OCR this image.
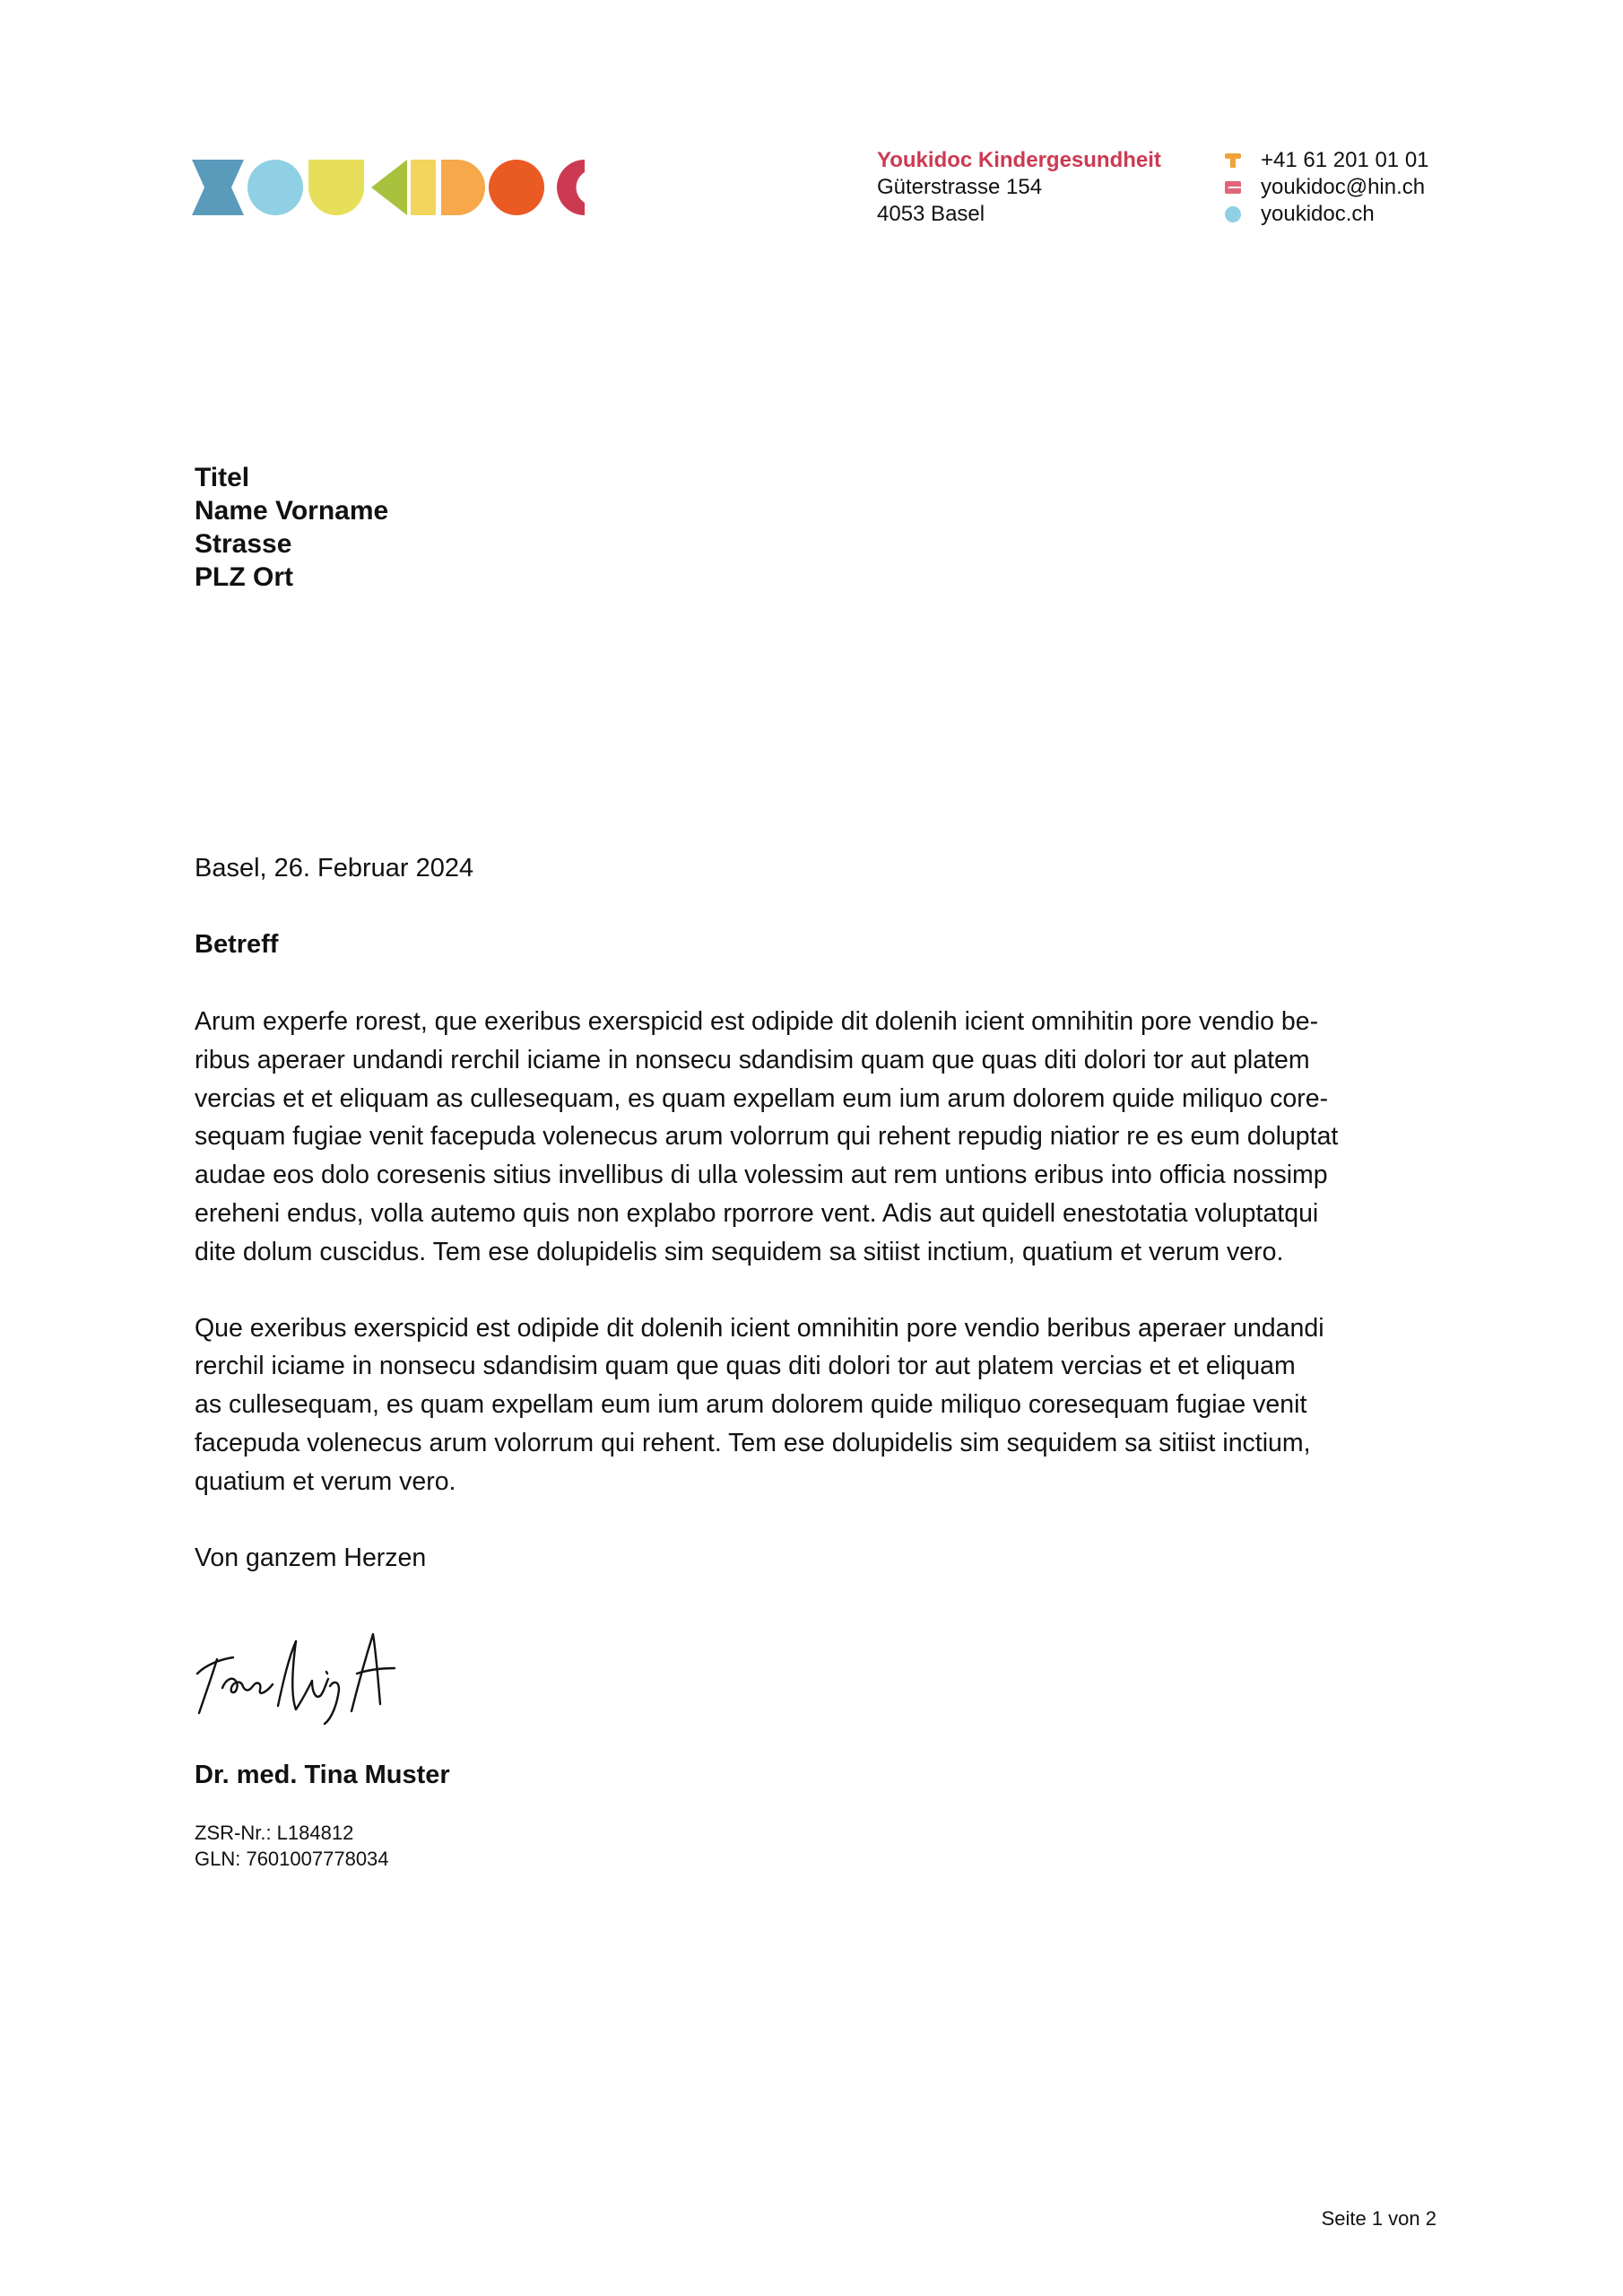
Youkidoc Kindergesundheit
Güterstrasse 154
4053 Basel
+41 61 201 01 01
youkidoc@hin.ch
youkidoc.ch
Titel
Name Vorname
Strasse
PLZ Ort
Basel, 26. Februar 2024
Betreff

Arum experfe rorest, que exeribus exerspicid est odipide dit dolenih icient omnihitin pore vendio be-
ribus aperaer undandi rerchil iciame in nonsecu sdandisim quam que quas diti dolori tor aut platem
vercias et et eliquam as cullesequam, es quam expellam eum ium arum dolorem quide miliquo core-
sequam fugiae venit facepuda volenecus arum volorrum qui rehent repudig niatior re es eum doluptat
audae eos dolo coresenis sitius invellibus di ulla volessim aut rem untions eribus into officia nossimp
ereheni endus, volla autemo quis non explabo rporrore vent. Adis aut quidell enestotatia voluptatqui
dite dolum cuscidus. Tem ese dolupidelis sim sequidem sa sitiist inctium, quatium et verum vero.

Que exeribus exerspicid est odipide dit dolenih icient omnihitin pore vendio beribus aperaer undandi
rerchil iciame in nonsecu sdandisim quam que quas diti dolori tor aut platem vercias et et eliquam
as cullesequam, es quam expellam eum ium arum dolorem quide miliquo coresequam fugiae venit
facepuda volenecus arum volorrum qui rehent. Tem ese dolupidelis sim sequidem sa sitiist inctium,
quatium et verum vero.

Von ganzem Herzen

Dr. med. Tina Muster
ZSR-Nr.: L184812
GLN: 7601007778034
Seite 1 von 2
